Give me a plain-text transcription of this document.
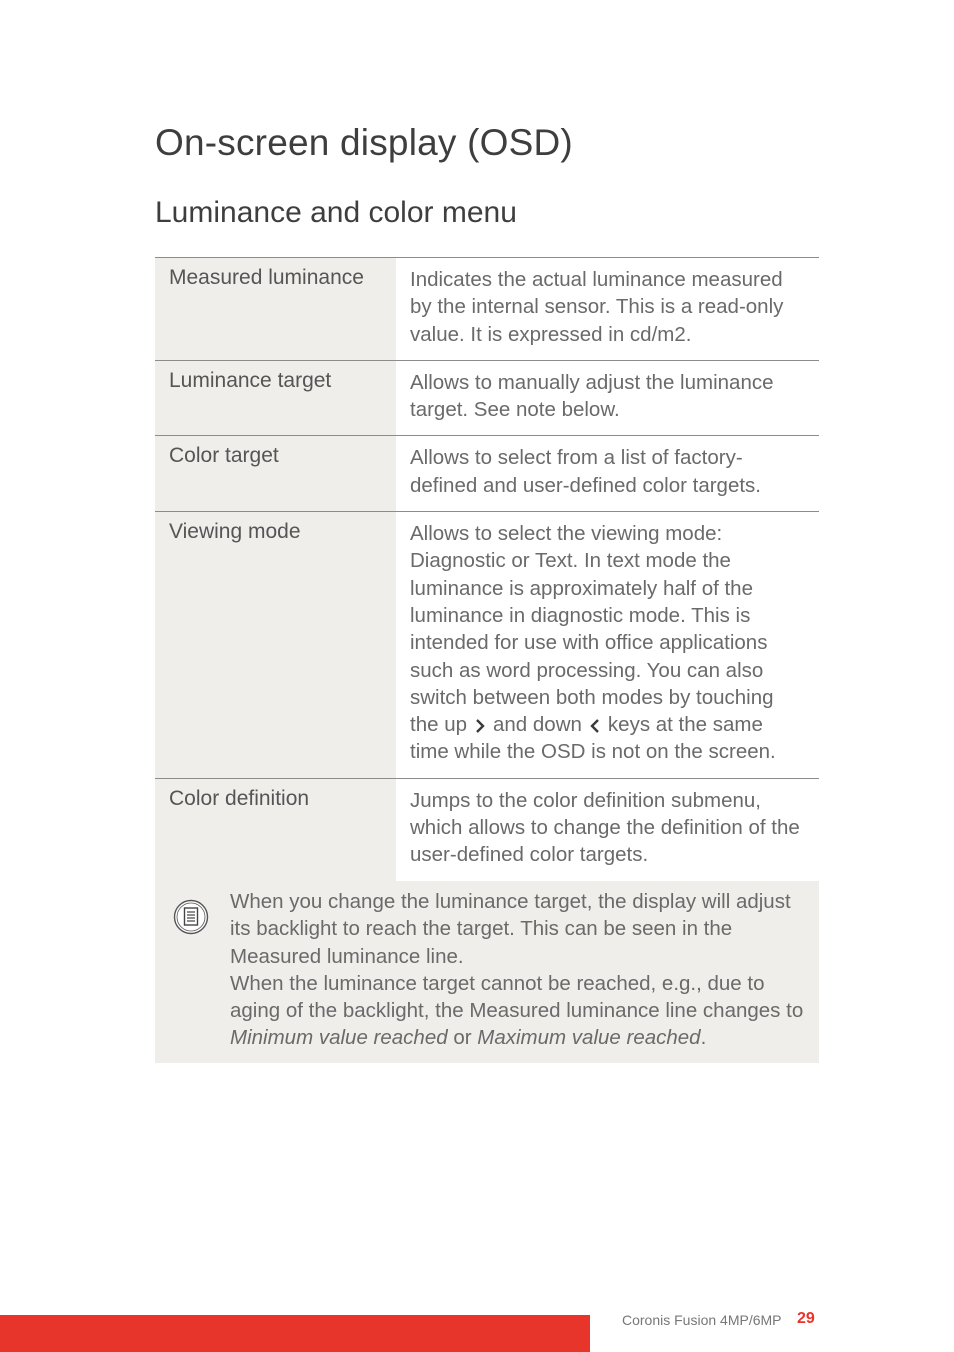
On-screen display (OSD)
Luminance and color menu
Measured luminance	Indicates the actual luminance measured by the internal sensor. This is a read-only value. It is expressed in cd/m2.
Luminance target	Allows to manually adjust the luminance target. See note below.
Color target	Allows to select from a list of factory-defined and user-defined color targets.
Viewing mode	Allows to select the viewing mode: Diagnostic or Text. In text mode the luminance is approximately half of the luminance in diagnostic mode. This is intended for use with office applications such as word processing. You can also switch between both modes by touching the up and down keys at the same time while the OSD is not on the screen.
Color definition	Jumps to the color definition submenu, which allows to change the definition of the user-defined color targets.

When you change the luminance target, the display will adjust its backlight to reach the target. This can be seen in the Measured luminance line.

When the luminance target cannot be reached, e.g., due to aging of the backlight, the Measured luminance line changes to Minimum value reached or Maximum value reached.

Coronis Fusion 4MP/6MP 29
